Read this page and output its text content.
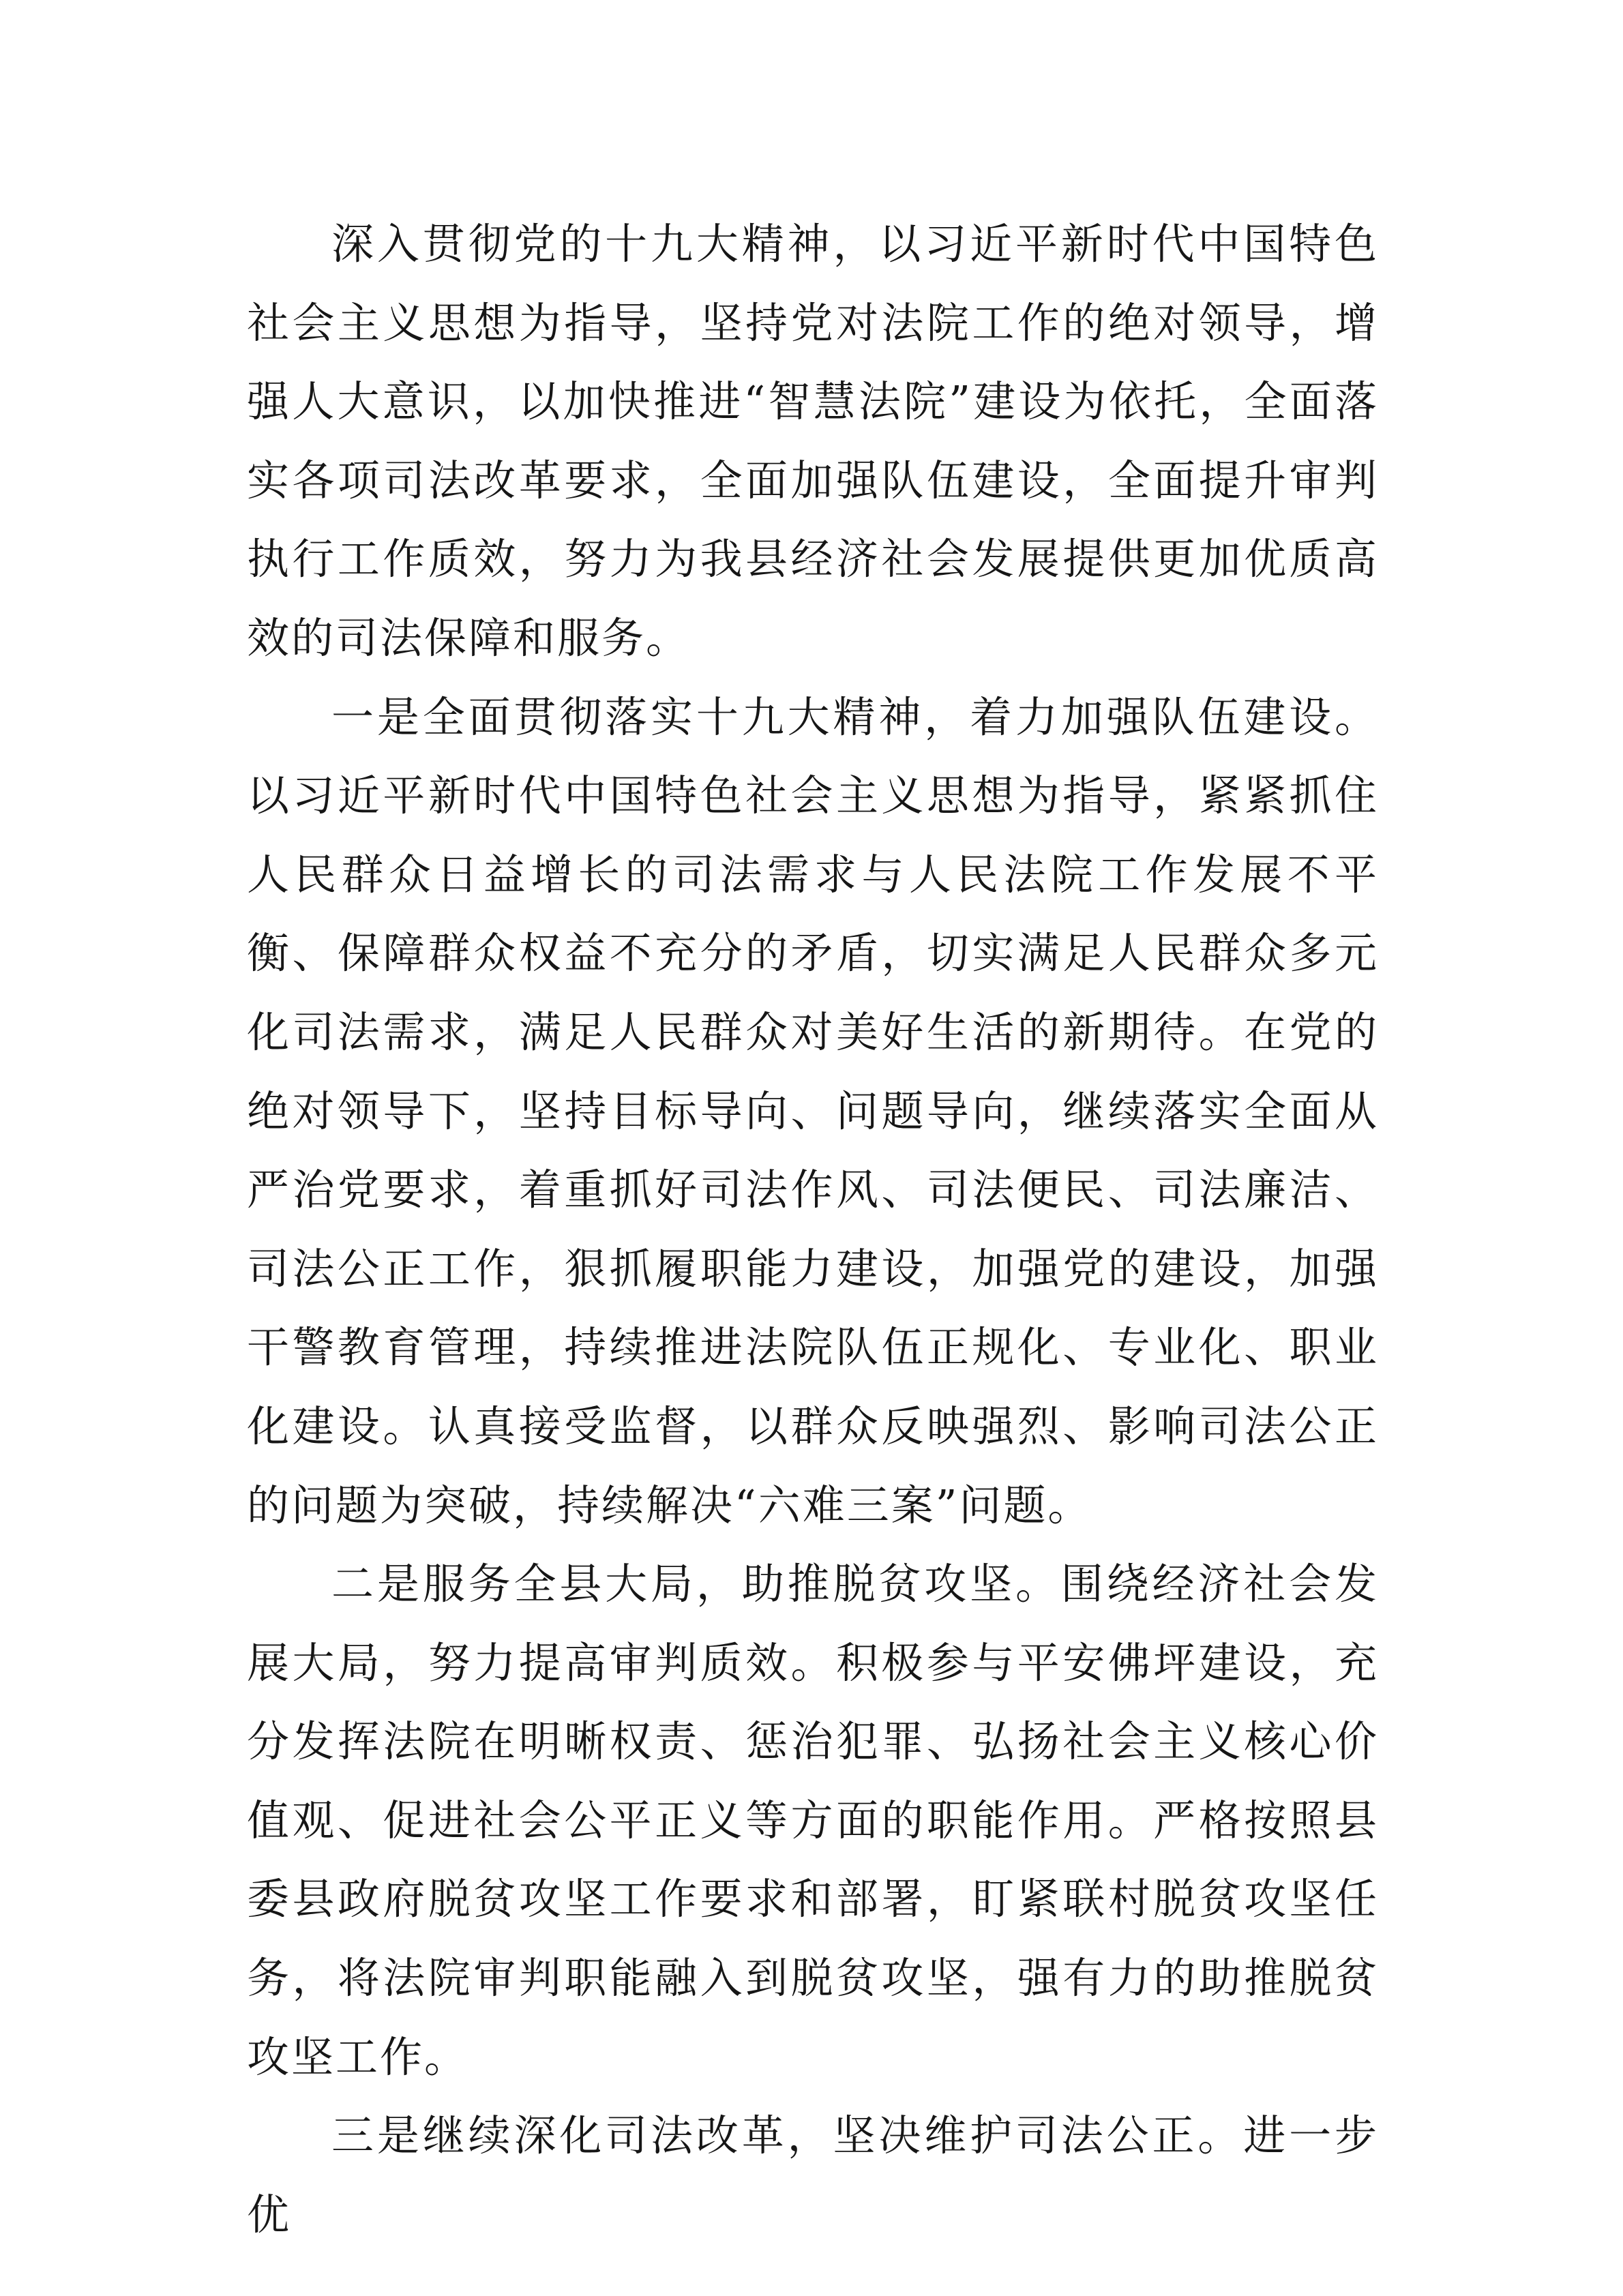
深入贯彻党的十九大精神，以习近平新时代中国特色社会主义思想为指导，坚持党对法院工作的绝对领导，增强人大意识，以加快推进“智慧法院”建设为依托，全面落实各项司法改革要求，全面加强队伍建设，全面提升审判执行工作质效，努力为我县经济社会发展提供更加优质高效的司法保障和服务。

一是全面贯彻落实十九大精神，着力加强队伍建设。以习近平新时代中国特色社会主义思想为指导，紧紧抓住人民群众日益增长的司法需求与人民法院工作发展不平衡、保障群众权益不充分的矛盾，切实满足人民群众多元化司法需求，满足人民群众对美好生活的新期待。在党的绝对领导下，坚持目标导向、问题导向，继续落实全面从严治党要求，着重抓好司法作风、司法便民、司法廉洁、司法公正工作，狠抓履职能力建设，加强党的建设，加强干警教育管理，持续推进法院队伍正规化、专业化、职业化建设。认真接受监督，以群众反映强烈、影响司法公正的问题为突破，持续解决“六难三案”问题。

二是服务全县大局，助推脱贫攻坚。围绕经济社会发展大局，努力提高审判质效。积极参与平安佛坪建设，充分发挥法院在明晰权责、惩治犯罪、弘扬社会主义核心价值观、促进社会公平正义等方面的职能作用。严格按照县委县政府脱贫攻坚工作要求和部署，盯紧联村脱贫攻坚任务，将法院审判职能融入到脱贫攻坚，强有力的助推脱贫攻坚工作。

三是继续深化司法改革，坚决维护司法公正。进一步优
